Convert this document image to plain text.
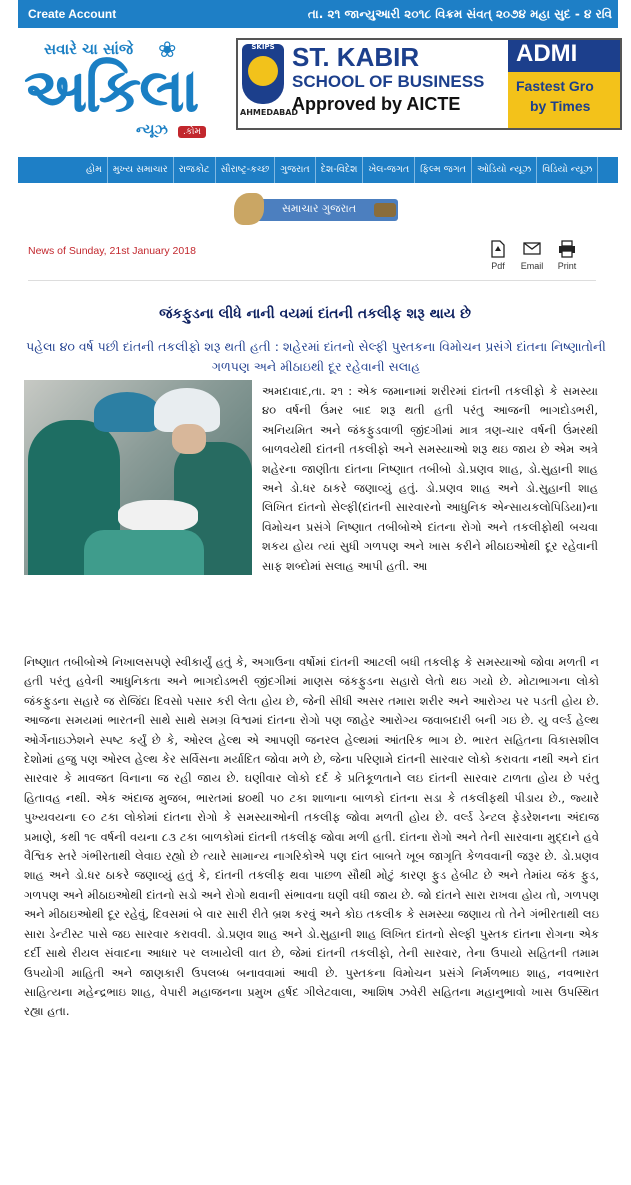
Create Account	તા. ૨૧ જાન્યુઆરી ૨૦૧૮ વિક્રમ સંવત્ ૨૦૭૪ મહા સુદ - ૪ રવિ
સવારે ચા સાંજે ❀
અકિલા
ન્યૂઝ	.કોમ
SKIPS
AHMEDABAD
ST. KABIR
SCHOOL OF BUSINESS
Approved by AICTE
ADMI
Fastest Gro
by Times
હોમ મુખ્ય સમાચાર રાજકોટ સૌરાષ્ટ્ર-કચ્છ ગુજરાત દેશ-વિદેશ ખેલ-જગત ફિલ્મ જગત ઓડિયો ન્યૂઝ વિડિયો ન્યૂઝ
સમાચાર ગુજરાત
News of Sunday, 21st January 2018
Pdf	Email	Print
જંકફુડના લીધે નાની વયમાં દાંતની તકલીફ શરૂ થાય છે
પહેલા ૪૦ વર્ષ પછી દાંતની તકલીફો શરૂ થતી હતી : શહેરમાં દાંતનો સેલ્ફી પુસ્તકના વિમોચન પ્રસંગે દાંતના નિષ્ણાતોની ગળપણ અને મીઠાઇથી દૂર રહેવાની સલાહ
અમદાવાદ,તા. ૨૧ : એક જમાનામાં શરીરમાં દાંતની તકલીફો કે સમસ્યા ૪૦ વર્ષની ઉંમર બાદ શરૂ થતી હતી પરંતુ આજની ભાગદોડભરી, અનિયમિત અને જંકફુડવાળી જીંદગીમાં માત્ર ત્રણ-ચાર વર્ષની ઉંમરથી બાળવયેથી દાંતની તકલીફો અને સમસ્યાઓ શરૂ થઇ જાય છે એમ અત્રે શહેરના જાણીતા દાંતના નિષ્ણાત તબીબો ડો.પ્રણવ શાહ, ડો.સુહાની શાહ અને ડો.ધર ઠાકરે જણાવ્યું હતું. ડો.પ્રણવ શાહ અને ડો.સુહાની શાહ લિખિત દાંતનો સેલ્ફી(દાંતની સારવારનો આધુનિક એન્સાયકલોપિડિયા)ના વિમોચન પ્રસંગે નિષ્ણાત તબીબોએ દાંતના રોગો અને તકલીફોથી બચવા શકય હોય ત્યાં સુધી ગળપણ અને ખાસ કરીને મીઠાઇઓથી દૂર રહેવાની સાફ શબ્દોમાં સલાહ આપી હતી. આ
નિષ્ણાત તબીબોએ નિખાલસપણે સ્વીકાર્યું હતું કે, અગાઉના વર્ષોમાં દાંતની આટલી બધી તકલીફ કે સમસ્યાઓ જોવા મળતી ન હતી પરંતુ હવેની આધુનિકતા અને ભાગદોડભરી જીંદગીમાં માણસ જંકફુડના સહારો લેતો થઇ ગયો છે. મોટાભાગના લોકો જંકફુડના સહારે જ રોજિંદા દિવસો પસાર કરી લેતા હોય છે, જેની સીધી અસર તમારા શરીર અને આરોગ્ય પર પડતી હોય છે. આજના સમયમાં ભારતની સાથે સાથે સમગ્ર વિશ્વમાં દાંતના રોગો પણ જાહેર આરોગ્ય જવાબદારી બની ગઇ છે. યુ વર્લ્ડ હેલ્થ ઓર્ગેનાઇઝેશને સ્પષ્ટ કર્યું છે કે, ઓરલ હેલ્થ એ આપણી જનરલ હેલ્થમાં આંતરિક ભાગ છે. ભારત સહિતના વિકાસશીલ દેશોમાં હજુ પણ ઓરલ હેલ્થ કેર સર્વિસના મર્યાદિત જોવા મળે છે, જેના પરિણામે દાંતની સારવાર લોકો કરાવતા નથી અને દાંત સારવાર કે માવજત વિનાના જ રહી જાય છે. ઘણીવાર લોકો દર્દ કે પ્રતિકૂળતાને લઇ દાંતની સારવાર ટાળતા હોય છે પરંતુ હિતાવહ નથી. એક અંદાજ મુજબ, ભારતમાં ૪૦થી ૫૦ ટકા શાળાના બાળકો દાંતના સડા કે તકલીફથી પીડાય છે., જ્યારે પુખ્યવયના ૯૦ ટકા લોકોમાં દાંતના રોગો કે સમસ્યાઓની તકલીફ જોવા મળતી હોય છે. વર્લ્ડ ડેન્ટલ ફેડરેશનના અંદાજ પ્રમાણે, કથી ૧૯ વર્ષની વયના ૮૩ ટકા બાળકોમાં દાંતની તકલીફ જોવા મળી હતી. દાંતના રોગો અને તેની સારવાના મુદ્દાને હવે વૈશ્વિક સ્તરે ગંભીરતાથી લેવાઇ રહ્યો છે ત્યારે સામાન્ય નાગરિકોએ પણ દાંત બાબતે ખૂબ જાગૃતિ કેળવવાની જરૂર છે. ડો.પ્રણવ શાહ અને ડો.ધર ઠાકરે જણાવ્યું હતું કે, દાંતની તકલીફ થવા પાછળ સૌથી મોટું કારણ ફુડ હેબીટ છે અને તેમાંય જંક ફુડ, ગળપણ અને મીઠાઇઓથી દાંતનો સડો અને રોગો થવાની સંભાવના ઘણી વધી જાય છે. જો દાંતને સારા રાખવા હોય તો, ગળપણ અને મીઠાઇઓથી દૂર રહેવું, દિવસમાં બે વાર સારી રીતે બ્રશ કરવું અને કોઇ તકલીક કે સમસ્યા જણાય તો તેને ગંભીરતાથી લઇ સારા ડેન્ટીસ્ટ પાસે જઇ સારવાર કરાવવી. ડો.પ્રણવ શાહ અને ડો.સુહાની શાહ લિખિત દાંતનો સેલ્ફી પુસ્તક દાંતના રોગના એક દર્દી સાથે રીયલ સંવાદના આધાર પર લખાયેલી વાત છે, જેમાં દાંતની તકલીફો, તેની સારવાર, તેના ઉપાયો સહિતની તમામ ઉપયોગી માહિતી અને જાણકારી ઉપલબ્ધ બનાવવામાં આવી છે. પુસ્તકના વિમોચન પ્રસંગે નિર્મળભાઇ શાહ, નવભારત સાહિત્યના મહેન્દ્રભાઇ શાહ, વેપારી મહાજનના પ્રમુખ હર્ષદ ગીલેટવાલા, આશિષ ઝવેરી સહિતના મહાનુભાવો ખાસ ઉપસ્થિત રહ્યા હતા.
